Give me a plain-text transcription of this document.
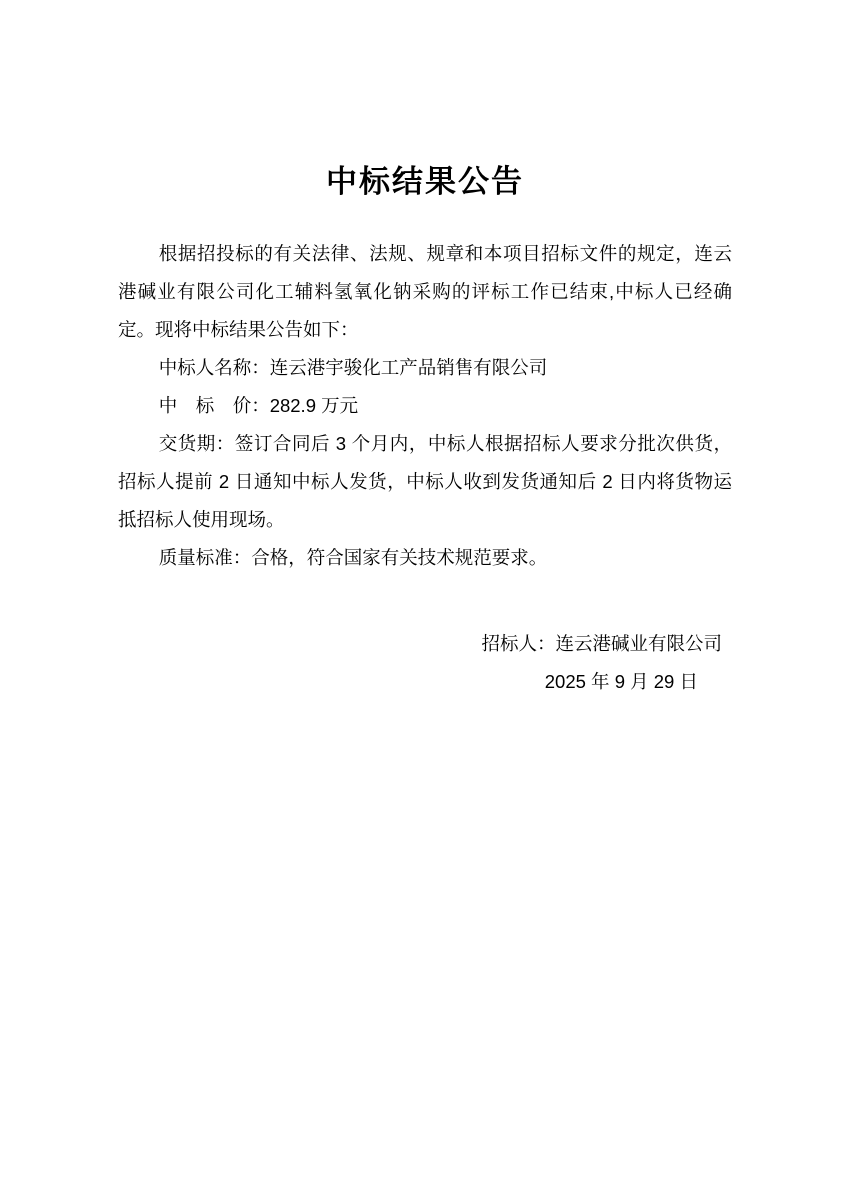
中标结果公告

根据招投标的有关法律、法规、规章和本项目招标文件的规定，连云港碱业有限公司化工辅料氢氧化钠采购的评标工作已结束,中标人已经确定。现将中标结果公告如下：

中标人名称：连云港宇骏化工产品销售有限公司

中　标　价：282.9 万元

交货期：签订合同后 3 个月内，中标人根据招标人要求分批次供货，招标人提前 2 日通知中标人发货，中标人收到发货通知后 2 日内将货物运抵招标人使用现场。

质量标准：合格，符合国家有关技术规范要求。

招标人：连云港碱业有限公司

2025 年 9 月 29 日
